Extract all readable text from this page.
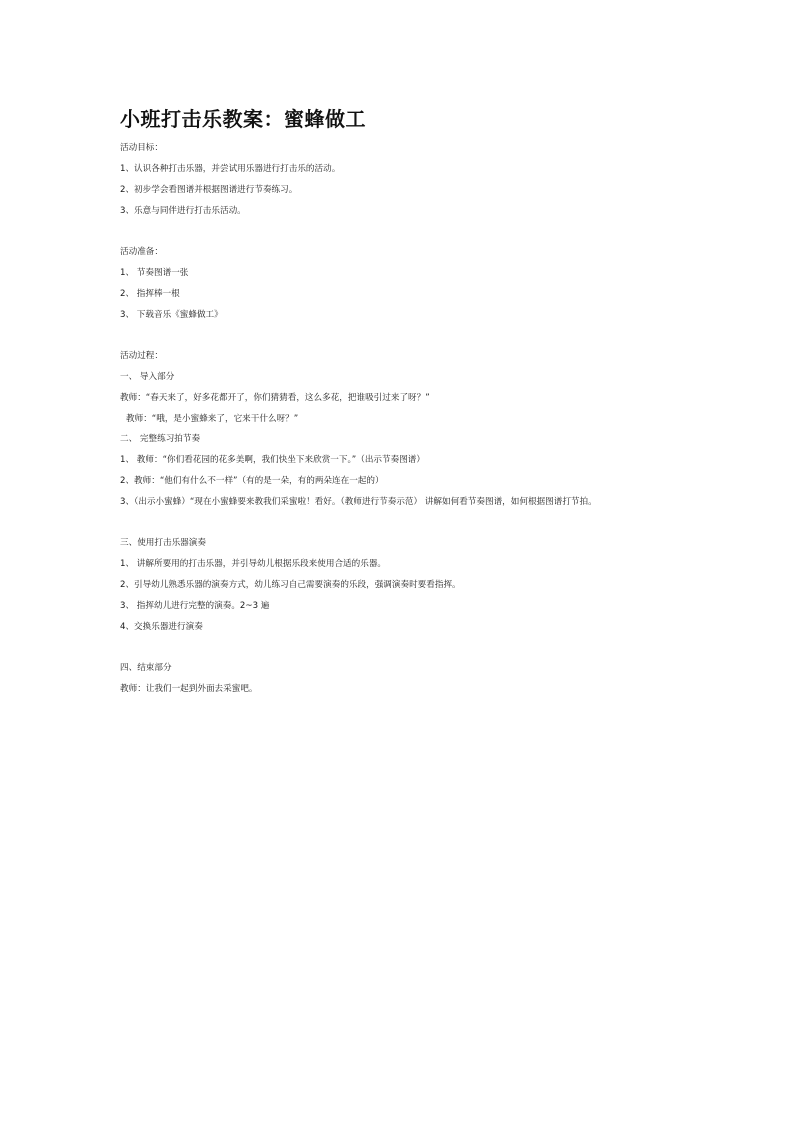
小班打击乐教案：蜜蜂做工
活动目标：
1、认识各种打击乐器，并尝试用乐器进行打击乐的活动。
2、初步学会看图谱并根据图谱进行节奏练习。
3、乐意与同伴进行打击乐活动。
活动准备：
1、 节奏图谱一张
2、 指挥棒一根
3、 下载音乐《蜜蜂做工》
活动过程：
一、 导入部分
教师：“春天来了，好多花都开了，你们猜猜看，这么多花，把谁吸引过来了呀？”
教师：“哦，是小蜜蜂来了，它来干什么呀？”
二、 完整练习拍节奏
1、 教师：“你们看花园的花多美啊，我们快坐下来欣赏一下。”（出示节奏图谱）
2、教师：“他们有什么不一样”（有的是一朵，有的两朵连在一起的）
3、（出示小蜜蜂）“现在小蜜蜂要来教我们采蜜啦！看好。（教师进行节奏示范） 讲解如何看节奏图谱，如何根据图谱打节拍。
三、使用打击乐器演奏
1、 讲解所要用的打击乐器，并引导幼儿根据乐段来使用合适的乐器。
2、引导幼儿熟悉乐器的演奏方式，幼儿练习自己需要演奏的乐段，强调演奏时要看指挥。
3、 指挥幼儿进行完整的演奏。2~3 遍
4、交换乐器进行演奏
四、结束部分
教师：让我们一起到外面去采蜜吧。
